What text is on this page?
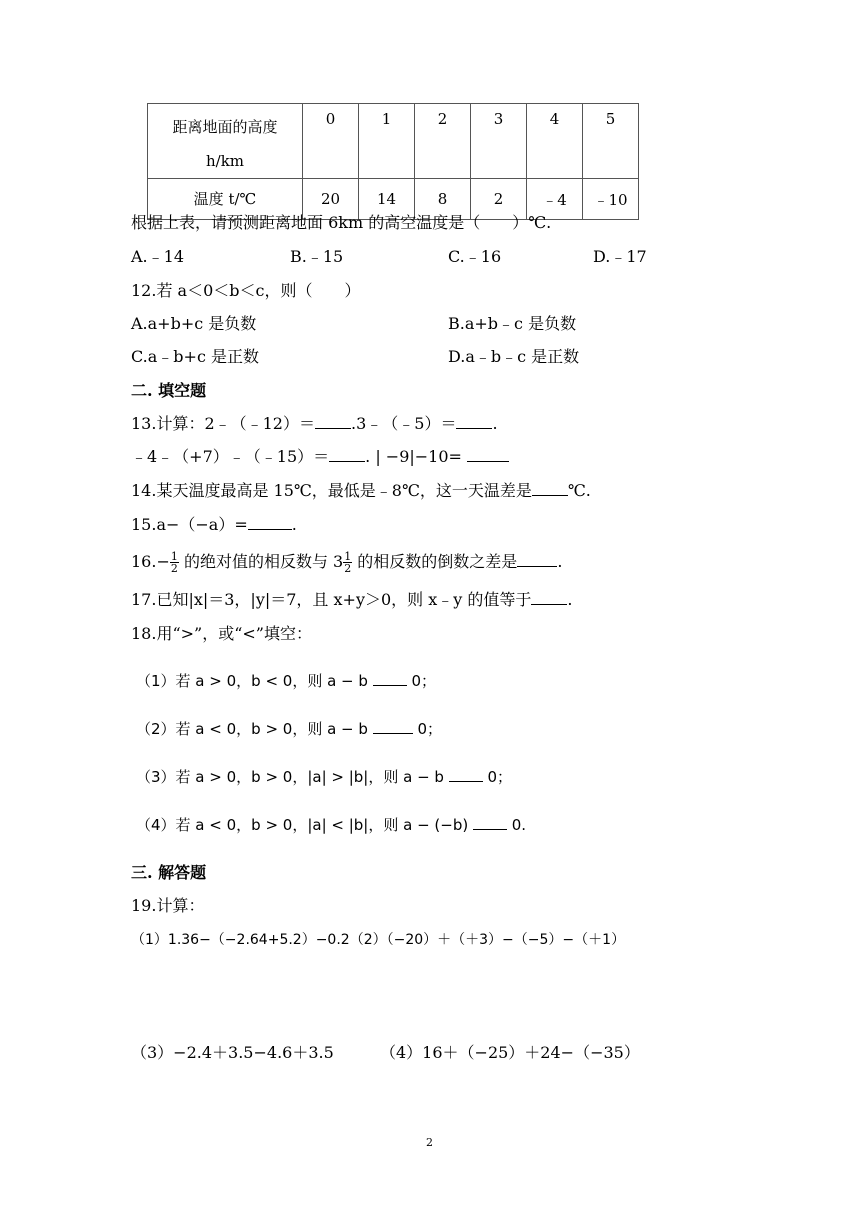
距离地面的高度
h/km	0	1	2	3	4	5
温度 t/℃	20	14	8	2	﹣4	﹣10
根据上表，请预测距离地面 6km 的高空温度是（　　）℃.
A.﹣14	B.﹣15	C.﹣16	D.﹣17
12.若 a＜0＜b＜c，则（　　）
A.a+b+c 是负数	B.a+b﹣c 是负数
C.a﹣b+c 是正数	D.a﹣b﹣c 是正数
二. 填空题
13.计算：2﹣（﹣12）＝ .3﹣（﹣5）＝ .
﹣4﹣（+7）﹣（﹣15）＝ . | −9|−10=
14.某天温度最高是 15℃，最低是﹣8℃，这一天温差是 ℃.
15.a−（−a）=	.
$16.- \frac{1}{2}$ 的绝对值的相反数与 $3 \frac{1}{2}$ 的相反数的倒数之差是	.
17.已知|x|＝3，|y|＝7，且 x+y＞0，则 x﹣y 的值等于 .
18.用“>”，或“<”填空：
（1）若 a > 0，b < 0，则 a − b  0；
（2）若 a < 0，b > 0，则 a − b	0；
（3）若 a > 0，b > 0，|a| > |b|，则 a − b  0；
（4）若 a < 0，b > 0，|a| < |b|，则 a − (−b)  0.
三. 解答题
19.计算：
（1）1.36−（−2.64+5.2）−0.2（2）（−20）＋（＋3）−（−5）−（＋1）
（3）−2.4＋3.5−4.6＋3.5	（4）16＋（−25）＋24−（−35）
2
